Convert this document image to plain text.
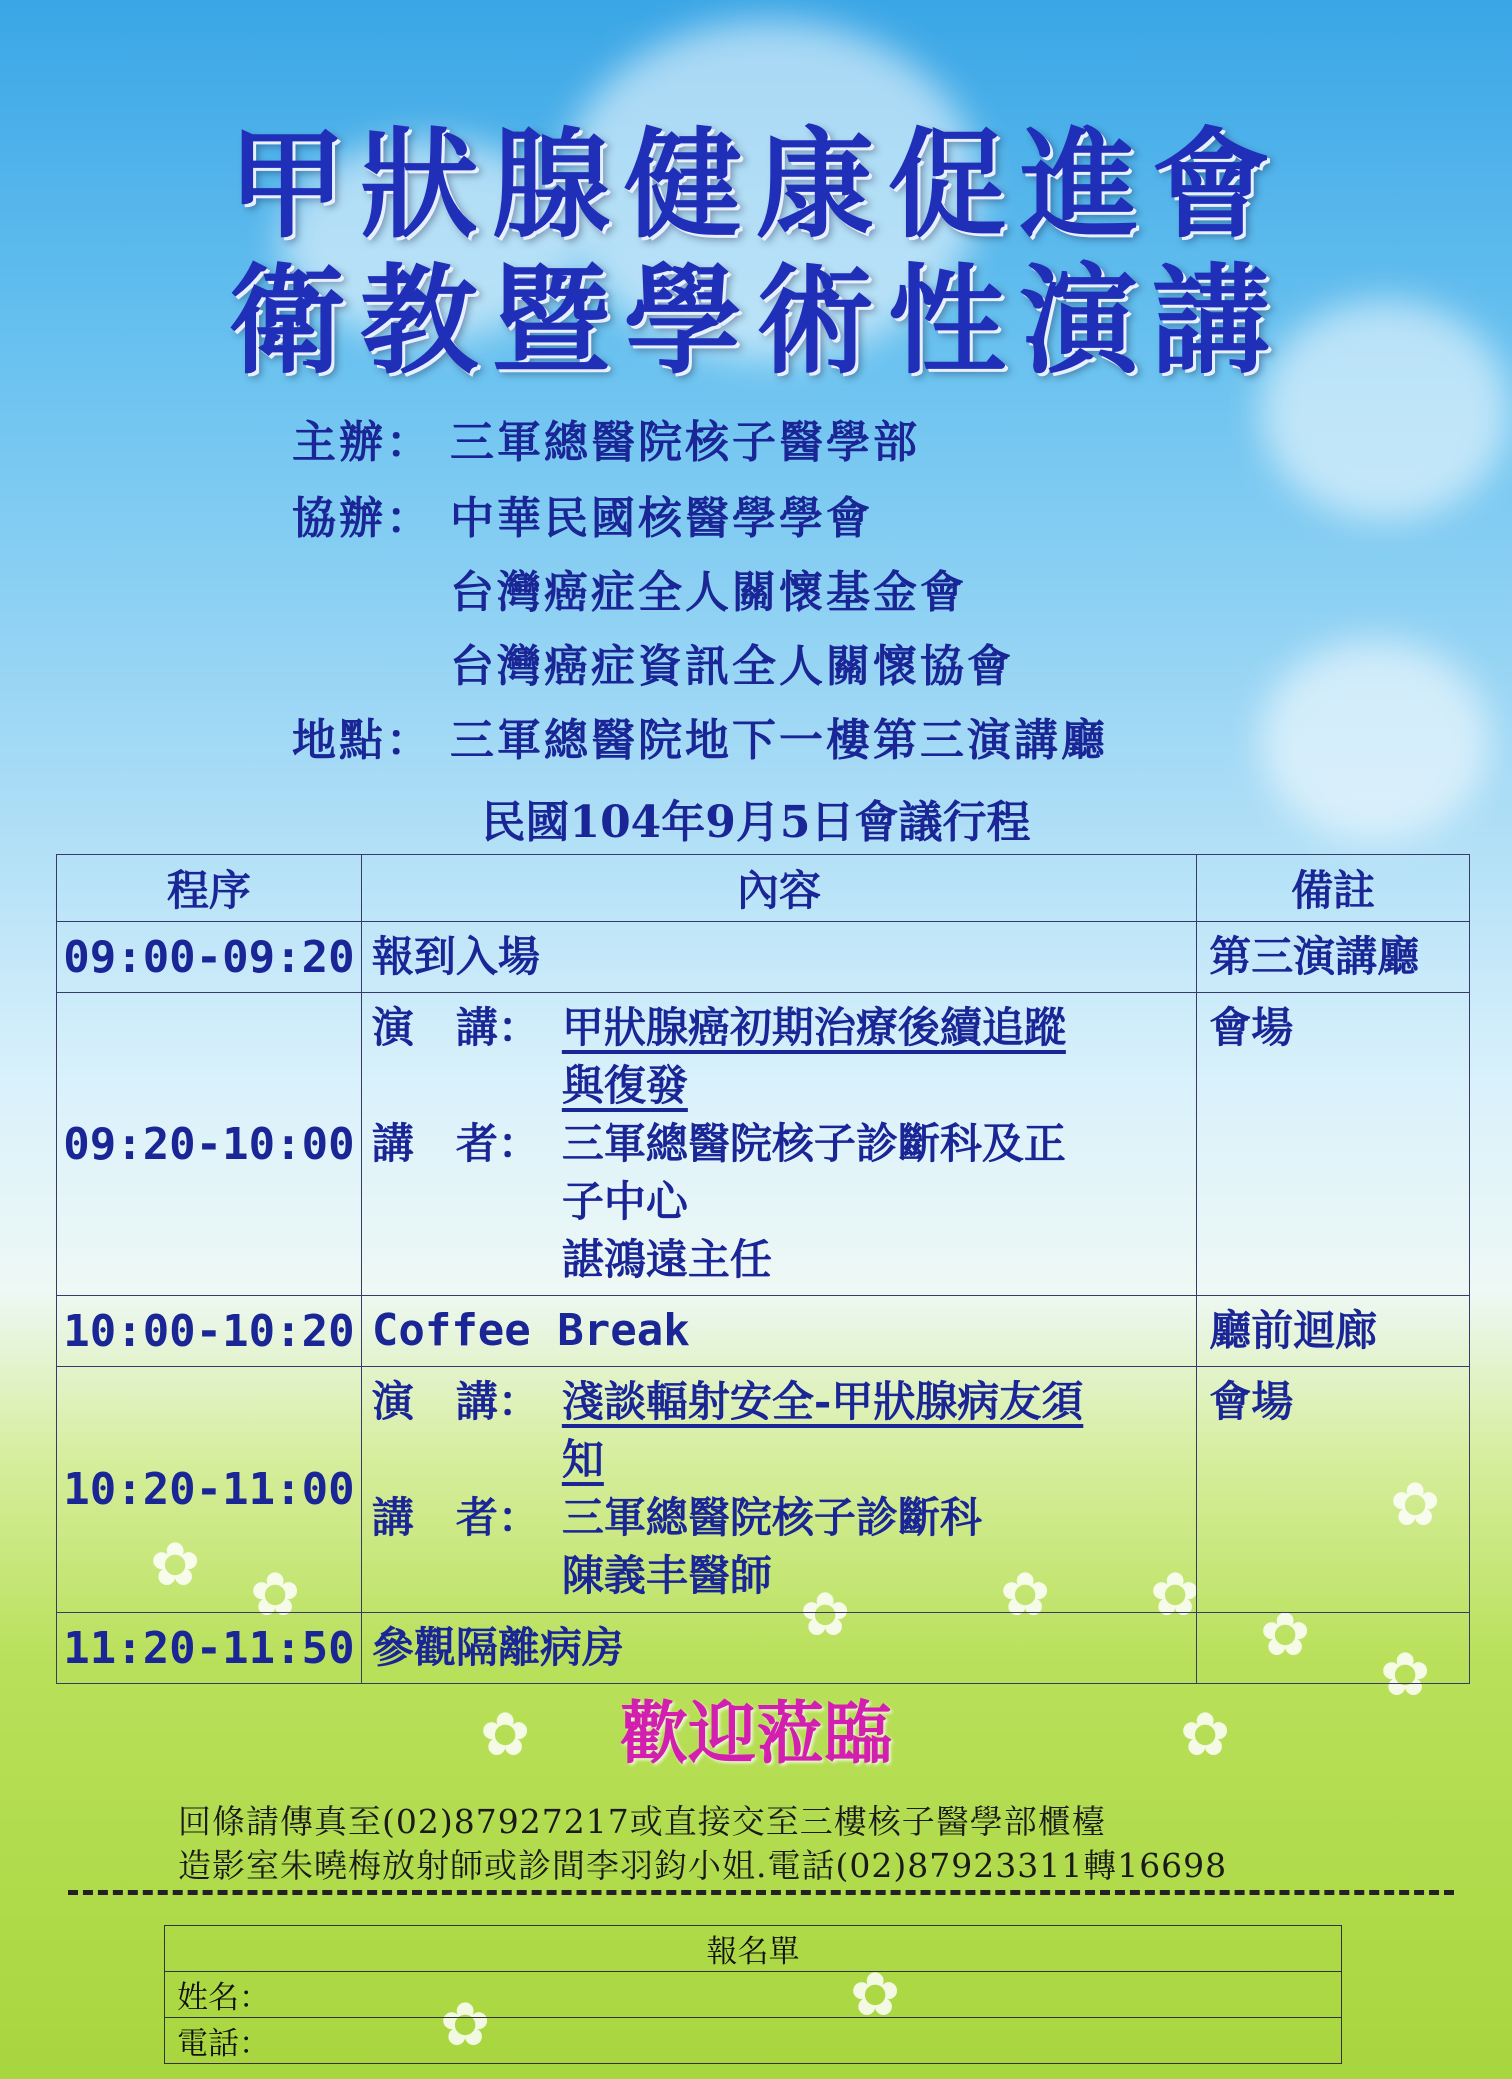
✿
✿
✿
✿
✿
✿ ✿
✿
✿ ✿
✿
✿
甲狀腺健康促進會
衛教暨學術性演講
主辦： 三軍總醫院核子醫學部
協辦： 中華民國核醫學學會
台灣癌症全人關懷基金會
台灣癌症資訊全人關懷協會
地點： 三軍總醫院地下一樓第三演講廳
民國104年9月5日會議行程
程序	內容	備註
09:00-09:20	報到入場	第三演講廳
09:20-10:00	演　講： 甲狀腺癌初期治療後續追蹤
與復發
講　者： 三軍總醫院核子診斷科及正
子中心
諶鴻遠主任	會場
10:00-10:20	Coffee Break	廳前迴廊
10:20-11:00	演　講： 淺談輻射安全-甲狀腺病友須
知
講　者： 三軍總醫院核子診斷科
陳義丰醫師	會場
11:20-11:50	參觀隔離病房	
歡迎蒞臨
回條請傳真至(02)87927217或直接交至三樓核子醫學部櫃檯
造影室朱曉梅放射師或診間李羽鈞小姐.電話(02)87923311轉16698
報名單
姓名：
電話：
